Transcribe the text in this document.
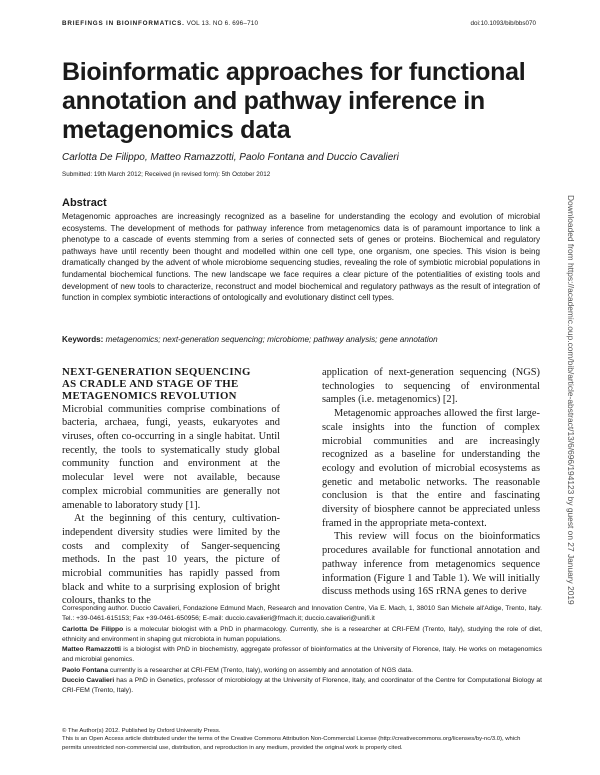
BRIEFINGS IN BIOINFORMATICS. VOL 13. NO 6. 696–710	doi:10.1093/bib/bbs070
Bioinformatic approaches for functional annotation and pathway inference in metagenomics data
Carlotta De Filippo, Matteo Ramazzotti, Paolo Fontana and Duccio Cavalieri
Submitted: 19th March 2012; Received (in revised form): 5th October 2012
Abstract

Metagenomic approaches are increasingly recognized as a baseline for understanding the ecology and evolution of microbial ecosystems. The development of methods for pathway inference from metagenomics data is of paramount importance to link a phenotype to a cascade of events stemming from a series of connected sets of genes or proteins. Biochemical and regulatory pathways have until recently been thought and modelled within one cell type, one organism, one species. This vision is being dramatically changed by the advent of whole microbiome sequencing studies, revealing the role of symbiotic microbial populations in fundamental biochemical functions. The new landscape we face requires a clear picture of the potentialities of existing tools and development of new tools to characterize, reconstruct and model biochemical and regulatory pathways as the result of integration of function in complex symbiotic interactions of ontologically and evolutionary distinct cell types.

Keywords: metagenomics; next-generation sequencing; microbiome; pathway analysis; gene annotation
NEXT-GENERATION SEQUENCING
AS CRADLE AND STAGE OF THE
METAGENOMICS REVOLUTION

Microbial communities comprise combinations of bacteria, archaea, fungi, yeasts, eukaryotes and viruses, often co-occurring in a single habitat. Until recently, the tools to systematically study global community function and environment at the molecular level were not available, because complex microbial communities are generally not amenable to laboratory study [1].

At the beginning of this century, cultivation-independent diversity studies were limited by the costs and complexity of Sanger-sequencing methods. In the past 10 years, the picture of microbial communities has rapidly passed from black and white to a surprising explosion of bright colours, thanks to the

application of next-generation sequencing (NGS) technologies to sequencing of environmental samples (i.e. metagenomics) [2].

Metagenomic approaches allowed the first large-scale insights into the function of complex microbial communities and are increasingly recognized as a baseline for understanding the ecology and evolution of microbial ecosystems as genetic and metabolic networks. The reasonable conclusion is that the entire and fascinating diversity of biosphere cannot be appreciated unless framed in the appropriate meta-context.

This review will focus on the bioinformatics procedures available for functional annotation and pathway inference from metagenomics sequence information (Figure 1 and Table 1). We will initially discuss methods using 16S rRNA genes to derive

Corresponding author. Duccio Cavalieri, Fondazione Edmund Mach, Research and Innovation Centre, Via E. Mach, 1, 38010 San Michele all'Adige, Trento, Italy. Tel.: +39-0461-615153; Fax +39-0461-650956; E-mail: duccio.cavalieri@fmach.it; duccio.cavalieri@unifi.it

Carlotta De Filippo is a molecular biologist with a PhD in pharmacology. Currently, she is a researcher at CRI-FEM (Trento, Italy), studying the role of diet, ethnicity and environment in shaping gut microbiota in human populations.

Matteo Ramazzotti is a biologist with PhD in biochemistry, aggregate professor of bioinformatics at the University of Florence, Italy. He works on metagenomics and microbial genomics.

Paolo Fontana currently is a researcher at CRI-FEM (Trento, Italy), working on assembly and annotation of NGS data.

Duccio Cavalieri has a PhD in Genetics, professor of microbiology at the University of Florence, Italy, and coordinator of the Centre for Computational Biology at CRI-FEM (Trento, Italy).

© The Author(s) 2012. Published by Oxford University Press.

This is an Open Access article distributed under the terms of the Creative Commons Attribution Non-Commercial License (http://creativecommons.org/licenses/by-nc/3.0), which permits unrestricted non-commercial use, distribution, and reproduction in any medium, provided the original work is properly cited.

Downloaded from https://academic.oup.com/bib/article-abstract/13/6/696/194123 by guest on 27 January 2019
